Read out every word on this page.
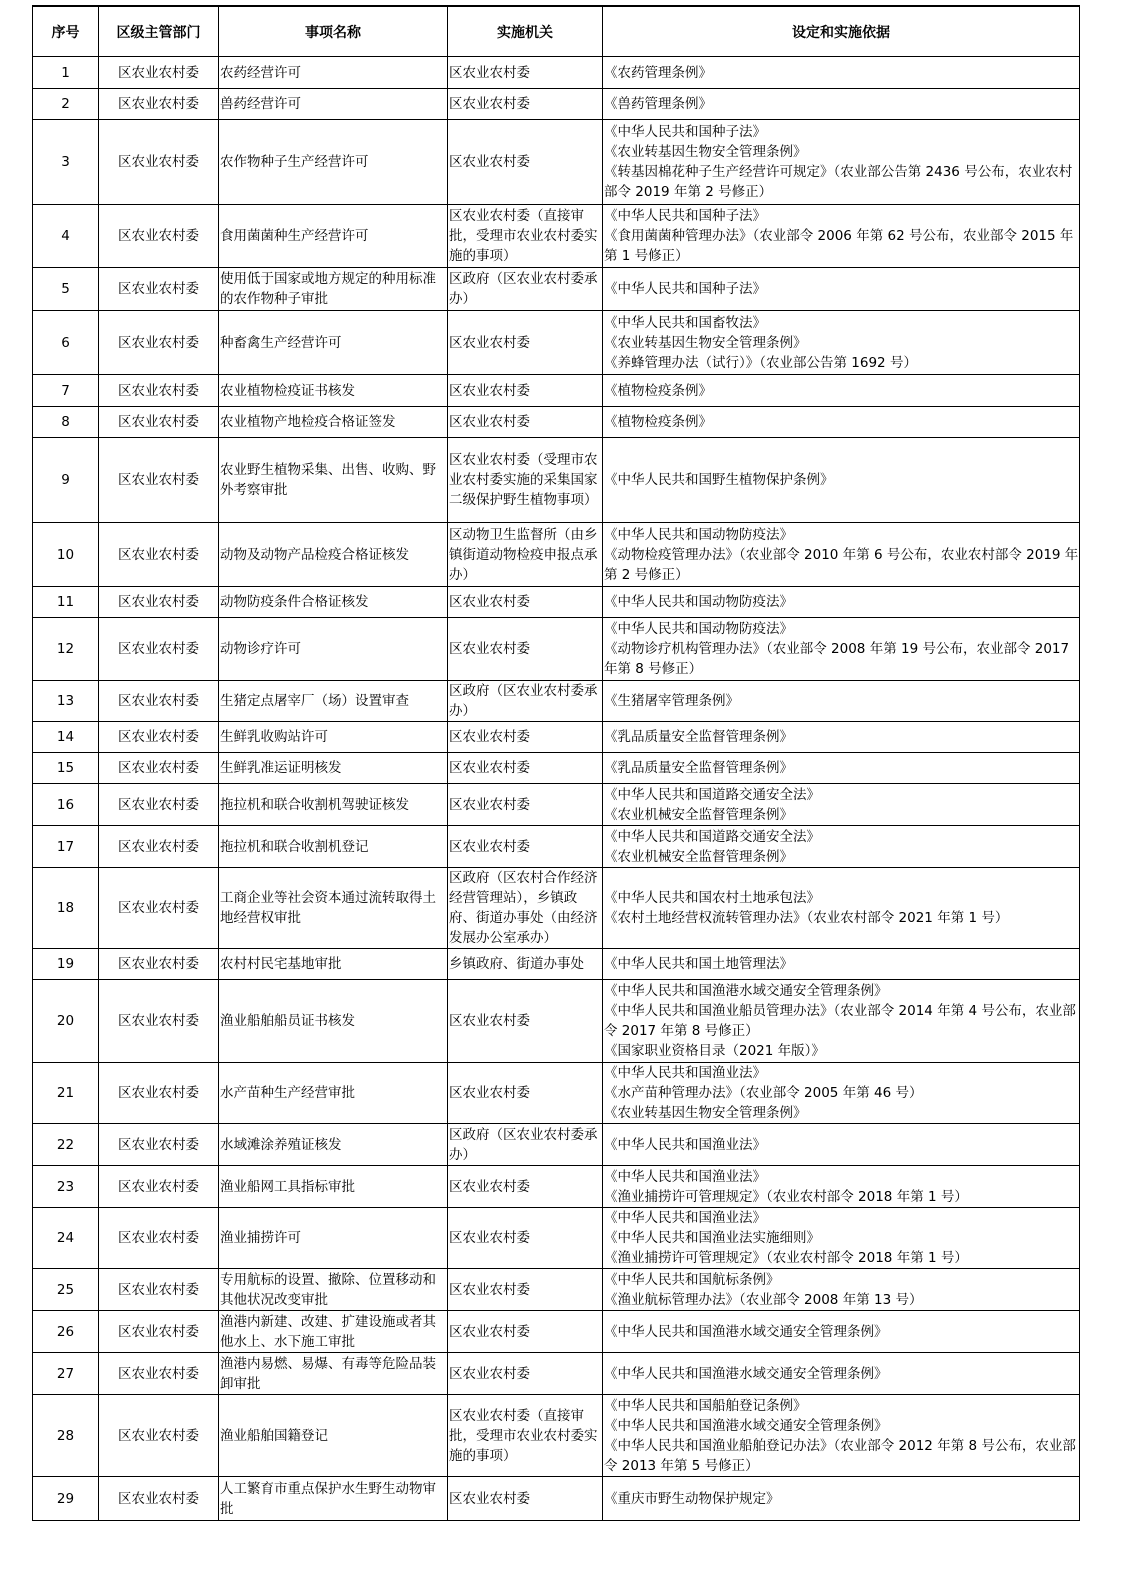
序号	区级主管部门	事项名称	实施机关	设定和实施依据
1	区农业农村委	农药经营许可	区农业农村委	《农药管理条例》

2	区农业农村委	兽药经营许可	区农业农村委	《兽药管理条例》

3	区农业农村委	农作物种子生产经营许可	区农业农村委	《中华人民共和国种子法》
《农业转基因生物安全管理条例》
《转基因棉花种子生产经营许可规定》（农业部公告第 2436 号公布，农业农村部令 2019 年第 2 号修正）

4	区农业农村委	食用菌菌种生产经营许可	区农业农村委（直接审批，受理市农业农村委实施的事项）	《中华人民共和国种子法》
《食用菌菌种管理办法》（农业部令 2006 年第 62 号公布，农业部令 2015 年第 1 号修正）

5	区农业农村委	使用低于国家或地方规定的种用标准的农作物种子审批	区政府（区农业农村委承办）	《中华人民共和国种子法》

6	区农业农村委	种畜禽生产经营许可	区农业农村委	《中华人民共和国畜牧法》
《农业转基因生物安全管理条例》
《养蜂管理办法（试行）》（农业部公告第 1692 号）

7	区农业农村委	农业植物检疫证书核发	区农业农村委	《植物检疫条例》

8	区农业农村委	农业植物产地检疫合格证签发	区农业农村委	《植物检疫条例》

9	区农业农村委	农业野生植物采集、出售、收购、野外考察审批	区农业农村委（受理市农业农村委实施的采集国家二级保护野生植物事项）	《中华人民共和国野生植物保护条例》

10	区农业农村委	动物及动物产品检疫合格证核发	区动物卫生监督所（由乡镇街道动物检疫申报点承办）	《中华人民共和国动物防疫法》
《动物检疫管理办法》（农业部令 2010 年第 6 号公布，农业农村部令 2019 年第 2 号修正）

11	区农业农村委	动物防疫条件合格证核发	区农业农村委	《中华人民共和国动物防疫法》

12	区农业农村委	动物诊疗许可	区农业农村委	《中华人民共和国动物防疫法》
《动物诊疗机构管理办法》（农业部令 2008 年第 19 号公布，农业部令 2017 年第 8 号修正）

13	区农业农村委	生猪定点屠宰厂（场）设置审查	区政府（区农业农村委承办）	《生猪屠宰管理条例》

14	区农业农村委	生鲜乳收购站许可	区农业农村委	《乳品质量安全监督管理条例》

15	区农业农村委	生鲜乳准运证明核发	区农业农村委	《乳品质量安全监督管理条例》

16	区农业农村委	拖拉机和联合收割机驾驶证核发	区农业农村委	《中华人民共和国道路交通安全法》
《农业机械安全监督管理条例》

17	区农业农村委	拖拉机和联合收割机登记	区农业农村委	《中华人民共和国道路交通安全法》
《农业机械安全监督管理条例》

18	区农业农村委	工商企业等社会资本通过流转取得土地经营权审批	区政府（区农村合作经济经营管理站），乡镇政府、街道办事处（由经济发展办公室承办）	《中华人民共和国农村土地承包法》
《农村土地经营权流转管理办法》（农业农村部令 2021 年第 1 号）

19	区农业农村委	农村村民宅基地审批	乡镇政府、街道办事处	《中华人民共和国土地管理法》

20	区农业农村委	渔业船舶船员证书核发	区农业农村委	《中华人民共和国渔港水域交通安全管理条例》
《中华人民共和国渔业船员管理办法》（农业部令 2014 年第 4 号公布，农业部令 2017 年第 8 号修正）
《国家职业资格目录（2021 年版）》

21	区农业农村委	水产苗种生产经营审批	区农业农村委	《中华人民共和国渔业法》
《水产苗种管理办法》（农业部令 2005 年第 46 号）
《农业转基因生物安全管理条例》

22	区农业农村委	水域滩涂养殖证核发	区政府（区农业农村委承办）	《中华人民共和国渔业法》

23	区农业农村委	渔业船网工具指标审批	区农业农村委	《中华人民共和国渔业法》
《渔业捕捞许可管理规定》（农业农村部令 2018 年第 1 号）

24	区农业农村委	渔业捕捞许可	区农业农村委	《中华人民共和国渔业法》
《中华人民共和国渔业法实施细则》
《渔业捕捞许可管理规定》（农业农村部令 2018 年第 1 号）

25	区农业农村委	专用航标的设置、撤除、位置移动和其他状况改变审批	区农业农村委	《中华人民共和国航标条例》
《渔业航标管理办法》（农业部令 2008 年第 13 号）

26	区农业农村委	渔港内新建、改建、扩建设施或者其他水上、水下施工审批	区农业农村委	《中华人民共和国渔港水域交通安全管理条例》

27	区农业农村委	渔港内易燃、易爆、有毒等危险品装卸审批	区农业农村委	《中华人民共和国渔港水域交通安全管理条例》

28	区农业农村委	渔业船舶国籍登记	区农业农村委（直接审批，受理市农业农村委实施的事项）	《中华人民共和国船舶登记条例》
《中华人民共和国渔港水域交通安全管理条例》
《中华人民共和国渔业船舶登记办法》（农业部令 2012 年第 8 号公布，农业部令 2013 年第 5 号修正）

29	区农业农村委	人工繁育市重点保护水生野生动物审批	区农业农村委	《重庆市野生动物保护规定》
